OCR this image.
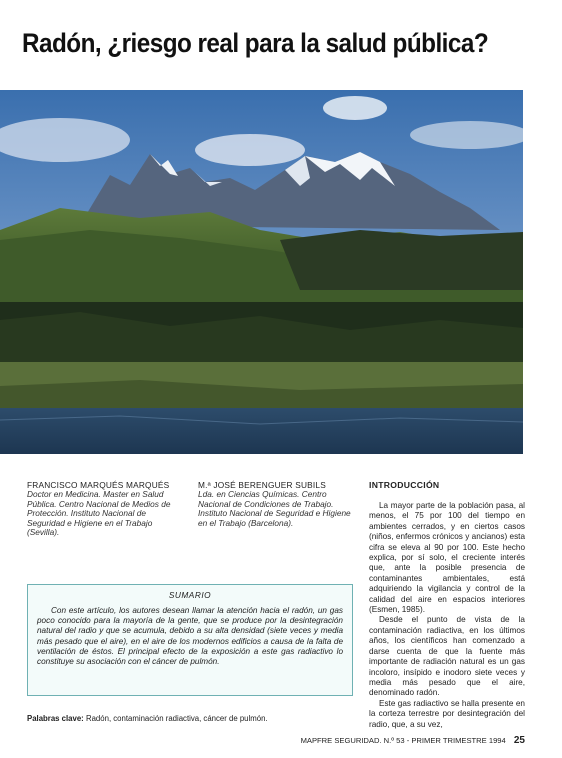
Radón, ¿riesgo real para la salud pública?
FRANCISCO MARQUÉS MARQUÉS
Doctor en Medicina. Master en Salud Pública. Centro Nacional de Medios de Protección. Instituto Nacional de Seguridad e Higiene en el Trabajo (Sevilla).
M.ª JOSÉ BERENGUER SUBILS
Lda. en Ciencias Químicas. Centro Nacional de Condiciones de Trabajo. Instituto Nacional de Seguridad e Higiene en el Trabajo (Barcelona).
SUMARIO

Con este artículo, los autores desean llamar la atención hacia el radón, un gas poco conocido para la mayoría de la gente, que se produce por la desintegración natural del radio y que se acumula, debido a su alta densidad (siete veces y media más pesado que el aire), en el aire de los modernos edificios a causa de la falta de ventilación de éstos. El principal efecto de la exposición a este gas radiactivo lo constituye su asociación con el cáncer de pulmón.

Palabras clave: Radón, contaminación radiactiva, cáncer de pulmón.
INTRODUCCIÓN

La mayor parte de la población pasa, al menos, el 75 por 100 del tiempo en ambientes cerrados, y en ciertos casos (niños, enfermos crónicos y ancianos) esta cifra se eleva al 90 por 100. Este hecho explica, por sí solo, el creciente interés que, ante la posible presencia de contaminantes ambientales, está adquiriendo la vigilancia y control de la calidad del aire en espacios interiores (Esmen, 1985).

Desde el punto de vista de la contaminación radiactiva, en los últimos años, los científicos han comenzado a darse cuenta de que la fuente más importante de radiación natural es un gas incoloro, insípido e inodoro siete veces y media más pesado que el aire, denominado radón.

Este gas radiactivo se halla presente en la corteza terrestre por desintegración del radio, que, a su vez,

MAPFRE SEGURIDAD. N.º 53 - PRIMER TRIMESTRE 1994 25
